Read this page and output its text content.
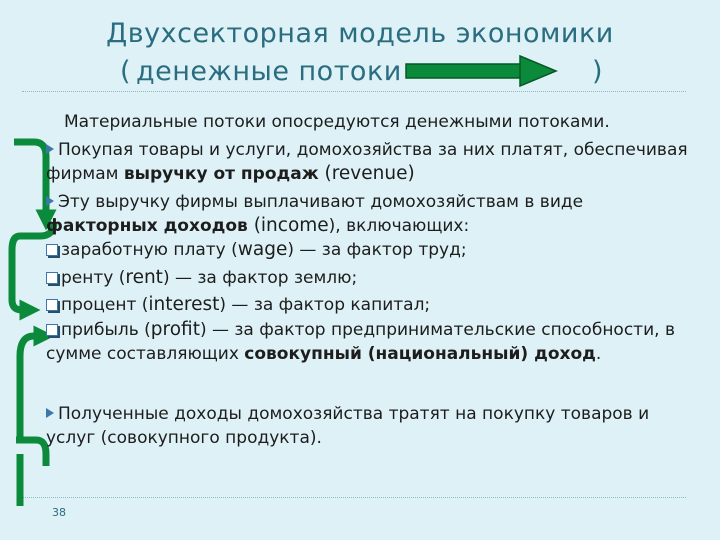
Двухсекторная модель экономики
( денежные потоки	)
Материальные потоки опосредуются денежными потоками.
Покупая товары и услуги, домохозяйства за них платят, обеспечивая фирмам выручку от продаж (revenue)
Эту выручку фирмы выплачивают домохозяйствам в виде факторных доходов (income), включающих:
заработную плату (wage) — за фактор труд;
ренту (rent) — за фактор землю;
процент (interest) — за фактор капитал;
прибыль (profit) — за фактор предпринимательские способности, в сумме составляющих совокупный (национальный) доход.
Полученные доходы домохозяйства тратят на покупку товаров и услуг (совокупного продукта).
38
